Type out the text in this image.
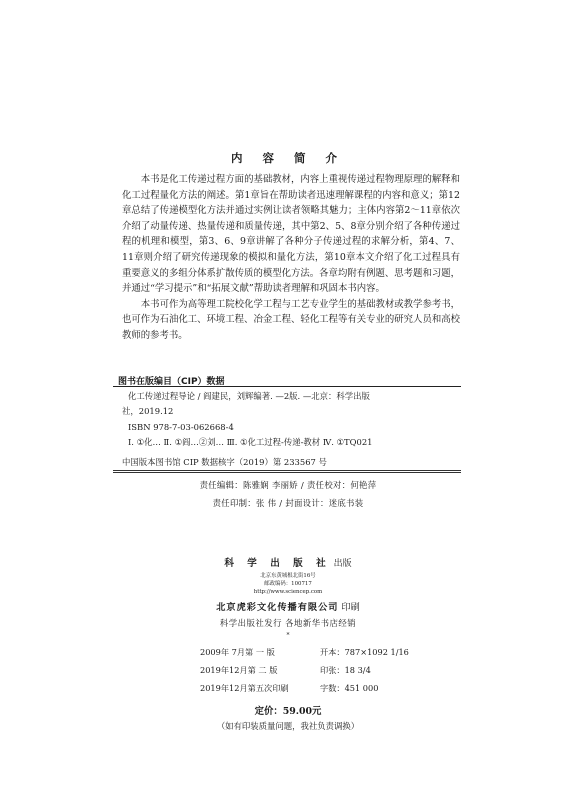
内 容 简 介

本书是化工传递过程方面的基础教材，内容上重视传递过程物理原理的解释和化工过程量化方法的阐述。第1章旨在帮助读者迅速理解课程的内容和意义；第12章总结了传递模型化方法并通过实例让读者领略其魅力；主体内容第2～11章依次介绍了动量传递、热量传递和质量传递，其中第2、5、8章分别介绍了各种传递过程的机理和模型，第3、6、9章讲解了各种分子传递过程的求解分析，第4、7、11章则介绍了研究传递现象的模拟和量化方法，第10章本文介绍了化工过程具有重要意义的多组分体系扩散传质的模型化方法。各章均附有例题、思考题和习题，并通过“学习提示”和“拓展文献”帮助读者理解和巩固本书内容。

本书可作为高等理工院校化学工程与工艺专业学生的基础教材或教学参考书，也可作为石油化工、环境工程、冶金工程、轻化工程等有关专业的研究人员和高校教师的参考书。

图书在版编目（CIP）数据
化工传递过程导论 / 阎建民，刘辉编著. —2版. —北京：科学出版
社，2019.12
ISBN 978-7-03-062668-4
Ⅰ. ①化… Ⅱ. ①阎…②刘… Ⅲ. ①化工过程-传递-教材 Ⅳ. ①TQ021
中国版本图书馆 CIP 数据核字（2019）第 233567 号
责任编辑：陈雅娴 李丽娇 / 责任校对：何艳萍
责任印制：张 伟 / 封面设计：迷底书装
科 学 出 版 社 出版
北京东黄城根北街16号
邮政编码：100717
http://www.sciencep.com
北京虎彩文化传播有限公司 印刷
科学出版社发行 各地新华书店经销
*
2009年 7月第 一 版	开本：787×1092 1/16
2019年12月第 二 版	印张：18 3/4
2019年12月第五次印刷	字数：451 000
定价：59.00元
（如有印装质量问题，我社负责调换）
